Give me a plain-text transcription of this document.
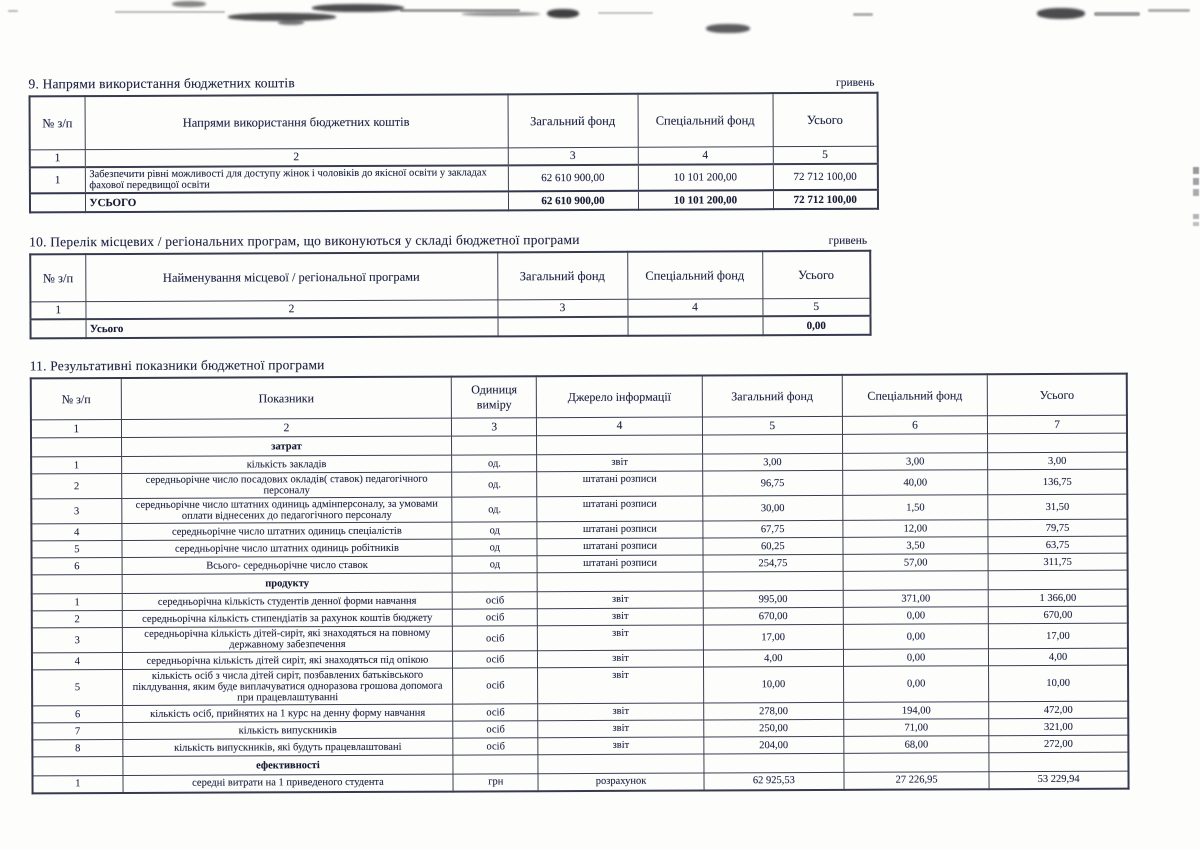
9. Напрями використання бюджетних коштів	гривень
№ з/п	Напрями використання бюджетних коштів	Загальний фонд	Спеціальний фонд	Усього
1	2	3	4	5
1	Забезпечити рівні можливості для доступу жінок і чоловіків до якісної освіти у закладах фахової передвищої освіти	62 610 900,00	10 101 200,00	72 712 100,00
	УСЬОГО	62 610 900,00	10 101 200,00	72 712 100,00
10. Перелік місцевих / регіональних програм, що виконуються у складі бюджетної програми	гривень
№ з/п	Найменування місцевої / регіональної програми	Загальний фонд	Спеціальний фонд	Усього
1	2	3	4	5
	Усього			0,00
11. Результативні показники бюджетної програми
№ з/п	Показники	Одиниця виміру	Джерело інформації	Загальний фонд	Спеціальний фонд	Усього
1	2	3	4	5	6	7
	затрат					
1	кількість закладів	од.	звіт	3,00	3,00	3,00
2	середньорічне число посадових окладів( ставок) педагогічного персоналу	од.	штатані розписи	96,75	40,00	136,75
3	середньорічне число штатних одиниць адмінперсоналу, за умовами оплати віднесених до педагогічного персоналу	од.	штатані розписи	30,00	1,50	31,50
4	середньорічне число штатних одиниць спеціалістів	од	штатані розписи	67,75	12,00	79,75
5	середньорічне число штатних одиниць робітників	од	штатані розписи	60,25	3,50	63,75
6	Всього- середньорічне число ставок	од	штатані розписи	254,75	57,00	311,75
	продукту					
1	середньорічна кількість студентів денної форми навчання	осіб	звіт	995,00	371,00	1 366,00
2	середньорічна кількість стипендіатів за рахунок коштів бюджету	осіб	звіт	670,00	0,00	670,00
3	середньорічна кількість дітей-сиріт, які знаходяться на повному державному забезпечення	осіб	звіт	17,00	0,00	17,00
4	середньорічна кількість дітей сиріт, які знаходяться під опікою	осіб	звіт	4,00	0,00	4,00
5	кількість осіб з числа дітей сиріт, позбавлених батьківського піклдування, яким буде виплачуватися одноразова грошова допомога при працевлаштуванні	осіб	звіт	10,00	0,00	10,00
6	кількість осіб, прийнятих на 1 курс на денну форму навчання	осіб	звіт	278,00	194,00	472,00
7	кількість випускників	осіб	звіт	250,00	71,00	321,00
8	кількість випускників, які будуть працевлаштовані	осіб	звіт	204,00	68,00	272,00
	ефективності					
1	середні витрати на 1 приведеного студента	грн	розрахунок	62 925,53	27 226,95	53 229,94
